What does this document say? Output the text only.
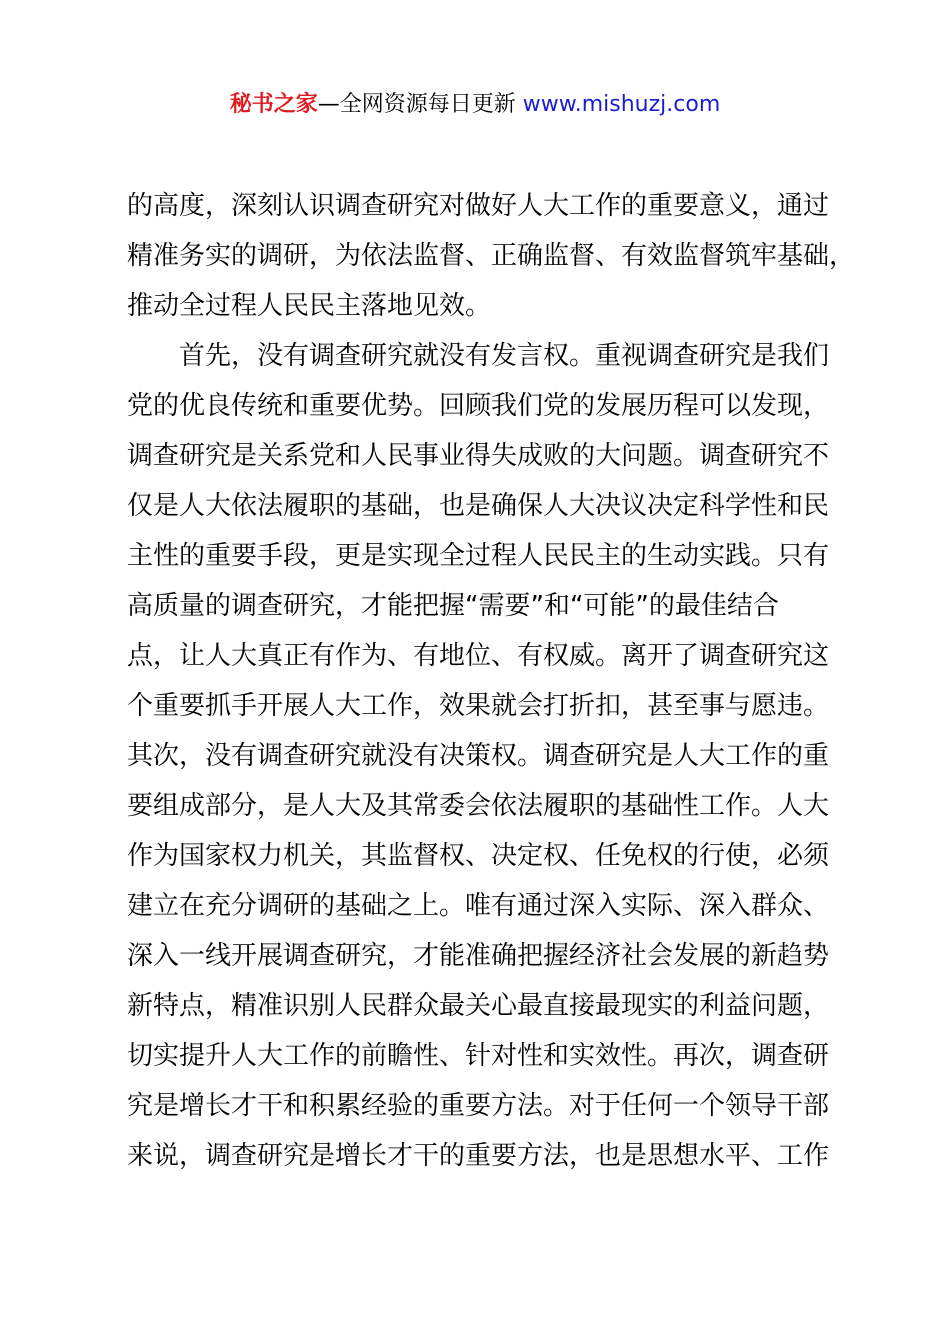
秘书之家—全网资源每日更新 www.mishuzj.com
的高度，深刻认识调查研究对做好人大工作的重要意义，通过
精准务实的调研，为依法监督、正确监督、有效监督筑牢基础，
推动全过程人民民主落地见效。
　　首先，没有调查研究就没有发言权。重视调查研究是我们
党的优良传统和重要优势。回顾我们党的发展历程可以发现，
调查研究是关系党和人民事业得失成败的大问题。调查研究不
仅是人大依法履职的基础，也是确保人大决议决定科学性和民
主性的重要手段，更是实现全过程人民民主的生动实践。只有
高质量的调查研究，才能把握“需要”和“可能”的最佳结合
点，让人大真正有作为、有地位、有权威。离开了调查研究这
个重要抓手开展人大工作，效果就会打折扣，甚至事与愿违。
其次，没有调查研究就没有决策权。调查研究是人大工作的重
要组成部分，是人大及其常委会依法履职的基础性工作。人大
作为国家权力机关，其监督权、决定权、任免权的行使，必须
建立在充分调研的基础之上。唯有通过深入实际、深入群众、
深入一线开展调查研究，才能准确把握经济社会发展的新趋势
新特点，精准识别人民群众最关心最直接最现实的利益问题，
切实提升人大工作的前瞻性、针对性和实效性。再次，调查研
究是增长才干和积累经验的重要方法。对于任何一个领导干部
来说，调查研究是增长才干的重要方法，也是思想水平、工作
